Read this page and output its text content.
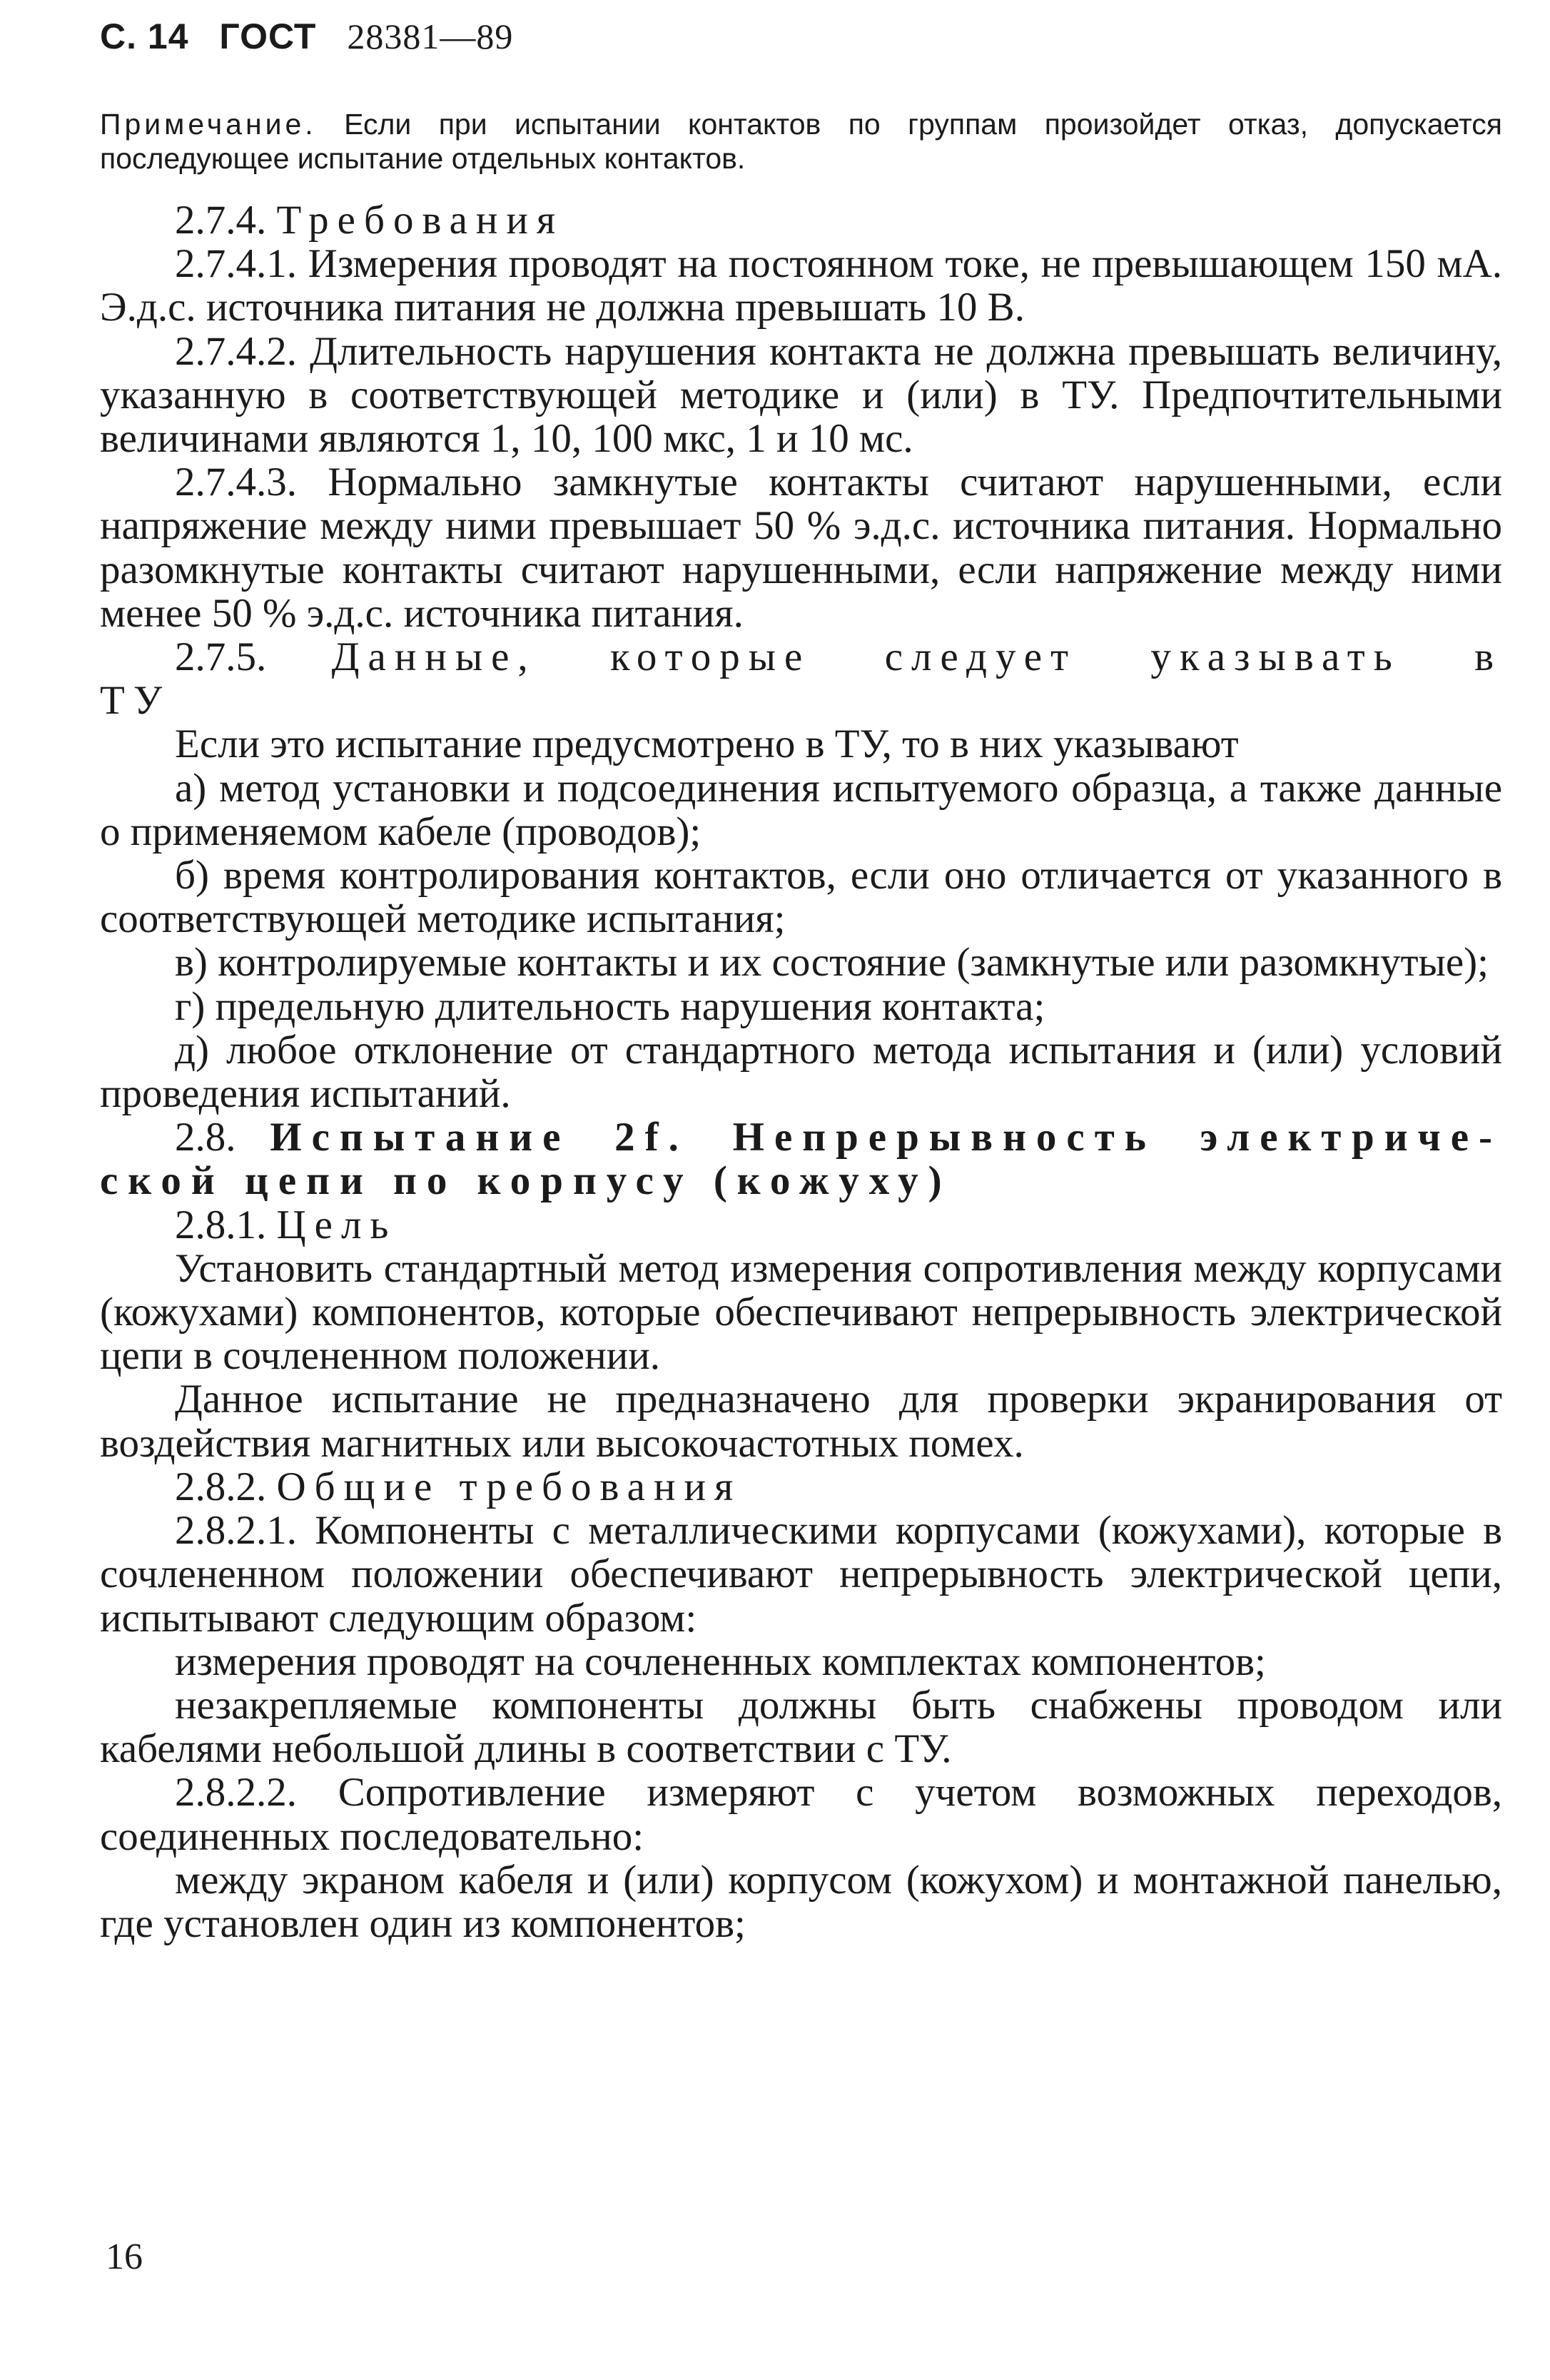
С. 14 ГОСТ 28381—89
Примечание. Если при испытании контактов по группам произойдет отказ, допускается последующее испытание отдельных контактов.

2.7.4. Требования

2.7.4.1. Измерения проводят на постоянном токе, не превышающем 150 мА. Э.д.с. источника питания не должна превышать 10 В.

2.7.4.2. Длительность нарушения контакта не должна превышать величину, указанную в соответствующей методике и (или) в ТУ. Предпочтительными величинами являются 1, 10, 100 мкс, 1 и 10 мс.

2.7.4.3. Нормально замкнутые контакты считают нарушенными, если напряжение между ними превышает 50 % э.д.с. источника питания. Нормально разомкнутые контакты считают нарушенными, если напряжение между ними менее 50 % э.д.с. источника питания.

2.7.5. Данные, которые следует указывать в

ТУ

Если это испытание предусмотрено в ТУ, то в них указывают

а) метод установки и подсоединения испытуемого образца, а также данные о применяемом кабеле (проводов);

б) время контролирования контактов, если оно отличается от указанного в соответствующей методике испытания;

в) контролируемые контакты и их состояние (замкнутые или разомкнутые);

г) предельную длительность нарушения контакта;

д) любое отклонение от стандартного метода испытания и (или) условий проведения испытаний.

2.8. Испытание 2f. Непрерывность электриче-

ской цепи по корпусу (кожуху)

2.8.1. Цель

Установить стандартный метод измерения сопротивления между корпусами (кожухами) компонентов, которые обеспечивают непрерывность электрической цепи в сочлененном положении.

Данное испытание не предназначено для проверки экранирования от воздействия магнитных или высокочастотных помех.

2.8.2. Общие требования

2.8.2.1. Компоненты с металлическими корпусами (кожухами), которые в сочлененном положении обеспечивают непрерывность электрической цепи, испытывают следующим образом:

измерения проводят на сочлененных комплектах компонентов;

незакрепляемые компоненты должны быть снабжены проводом или кабелями небольшой длины в соответствии с ТУ.

2.8.2.2. Сопротивление измеряют с учетом возможных переходов, соединенных последовательно:

между экраном кабеля и (или) корпусом (кожухом) и монтажной панелью, где установлен один из компонентов;

16
